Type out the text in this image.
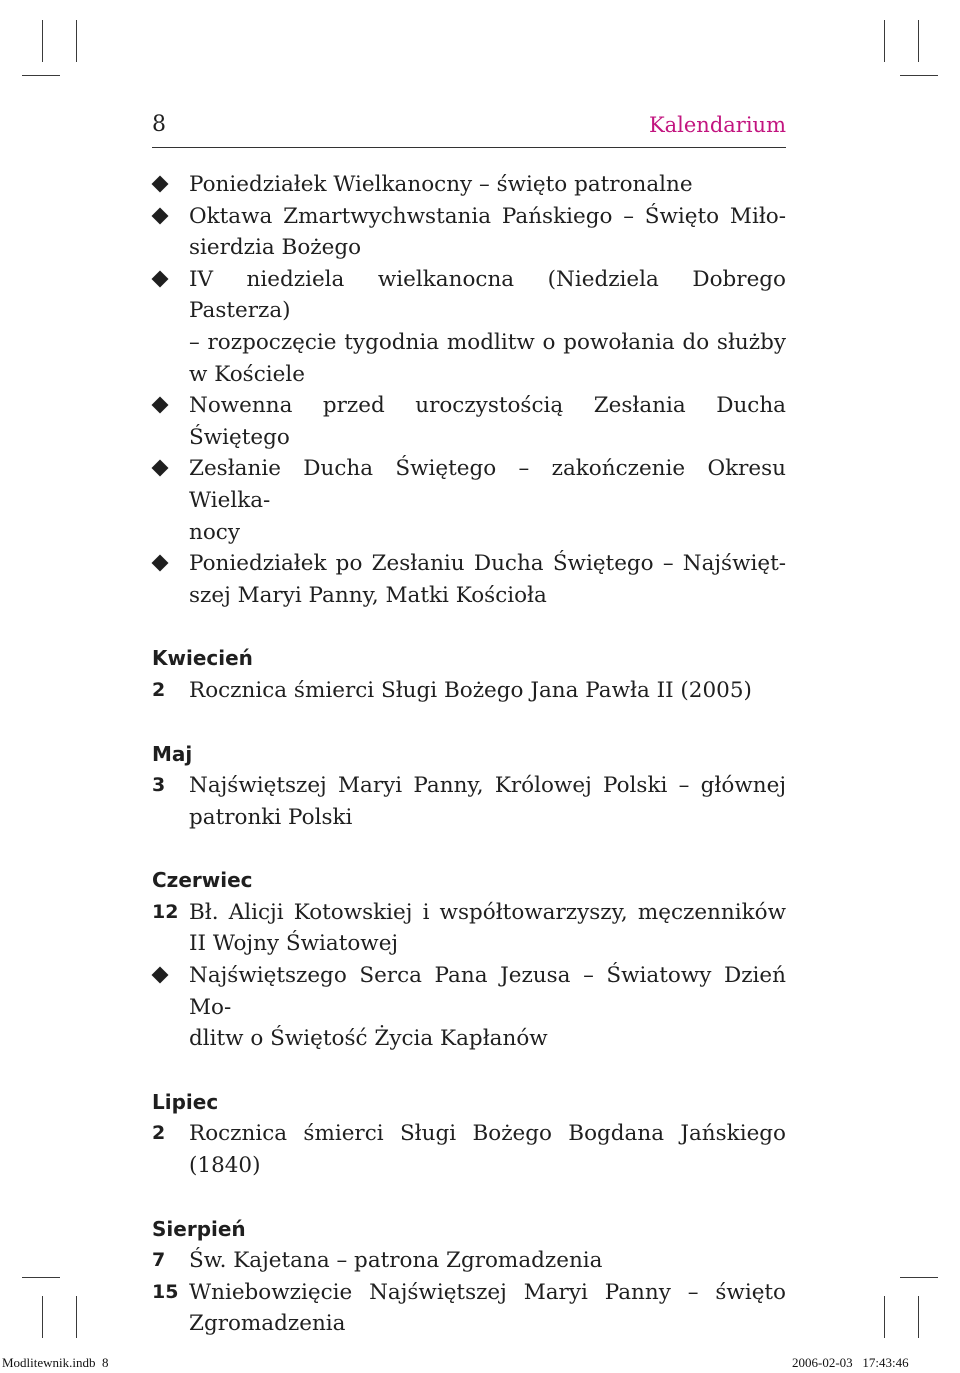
8	Kalendarium
Poniedziałek Wielkanocny – święto patronalne
Oktawa Zmartwychwstania Pańskiego – Święto Miło-
sierdzia Bożego
IV niedziela wielkanocna (Niedziela Dobrego Pasterza)
– rozpoczęcie tygodnia modlitw o powołania do służby
w Kościele
Nowenna przed uroczystością Zesłania Ducha Świętego
Zesłanie Ducha Świętego – zakończenie Okresu Wielka-
nocy
Poniedziałek po Zesłaniu Ducha Świętego – Najświęt-
szej Maryi Panny, Matki Kościoła
Kwiecień
2	Rocznica śmierci Sługi Bożego Jana Pawła II (2005)
Maj
3	Najświętszej Maryi Panny, Królowej Polski – głównej
patronki Polski
Czerwiec
12 Bł. Alicji Kotowskiej i współtowarzyszy, męczenników
II Wojny Światowej
Najświętszego Serca Pana Jezusa – Światowy Dzień Mo-
dlitw o Świętość Życia Kapłanów
Lipiec
2	Rocznica śmierci Sługi Bożego Bogdana Jańskiego (1840)
Sierpień
7	Św. Kajetana – patrona Zgromadzenia
15 Wniebowzięcie Najświętszej Maryi Panny – święto
Zgromadzenia
Modlitewnik.indb 8	2006-02-03 17:43:46
